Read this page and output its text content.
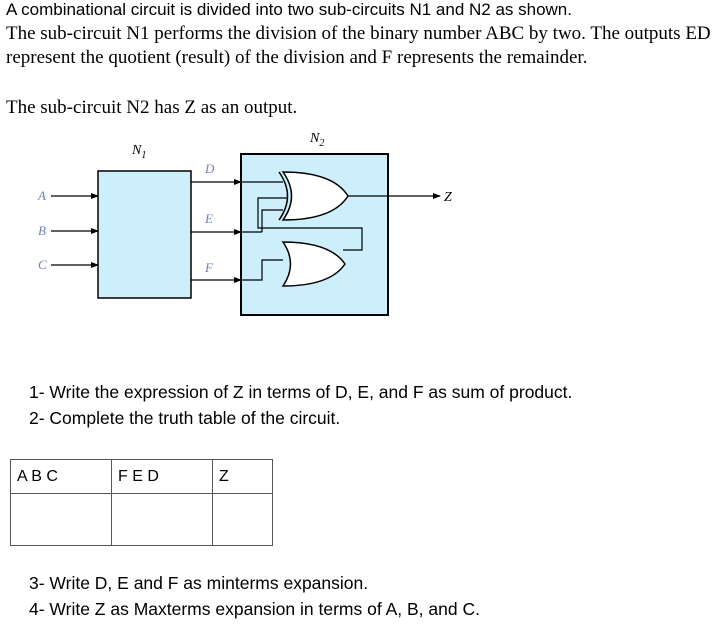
A combinational circuit is divided into two sub-circuits N1 and N2 as shown.
The sub-circuit N1 performs the division of the binary number ABC by two. The outputs ED represent the quotient (result) of the division and F represents the remainder.
The sub-circuit N2 has Z as an output.
$N_1$
$N_2$
A
B
C
D
E
F
Z
1- Write the expression of Z in terms of D, E, and F as sum of product.
2- Complete the truth table of the circuit.
A B C	F E D	Z

3- Write D, E and F as minterms expansion.
4- Write Z as Maxterms expansion in terms of A, B, and C.
